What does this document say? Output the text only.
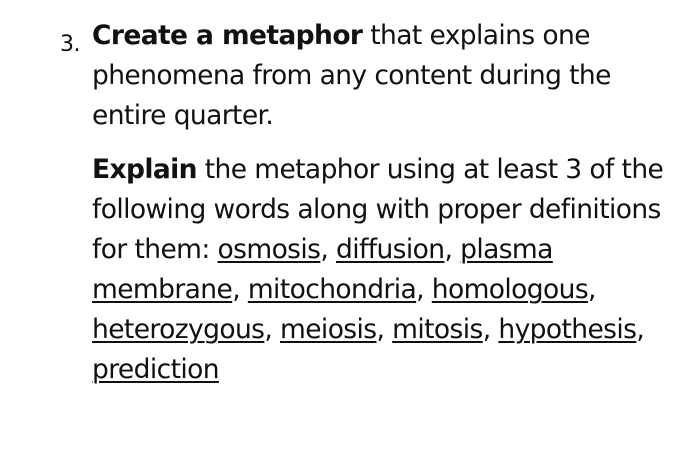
3. Create a metaphor that explains one phenomena from any content during the entire quarter.

Explain the metaphor using at least 3 of the following words along with proper definitions for them: osmosis, diffusion, plasma membrane, mitochondria, homologous, heterozygous, meiosis, mitosis, hypothesis, prediction
